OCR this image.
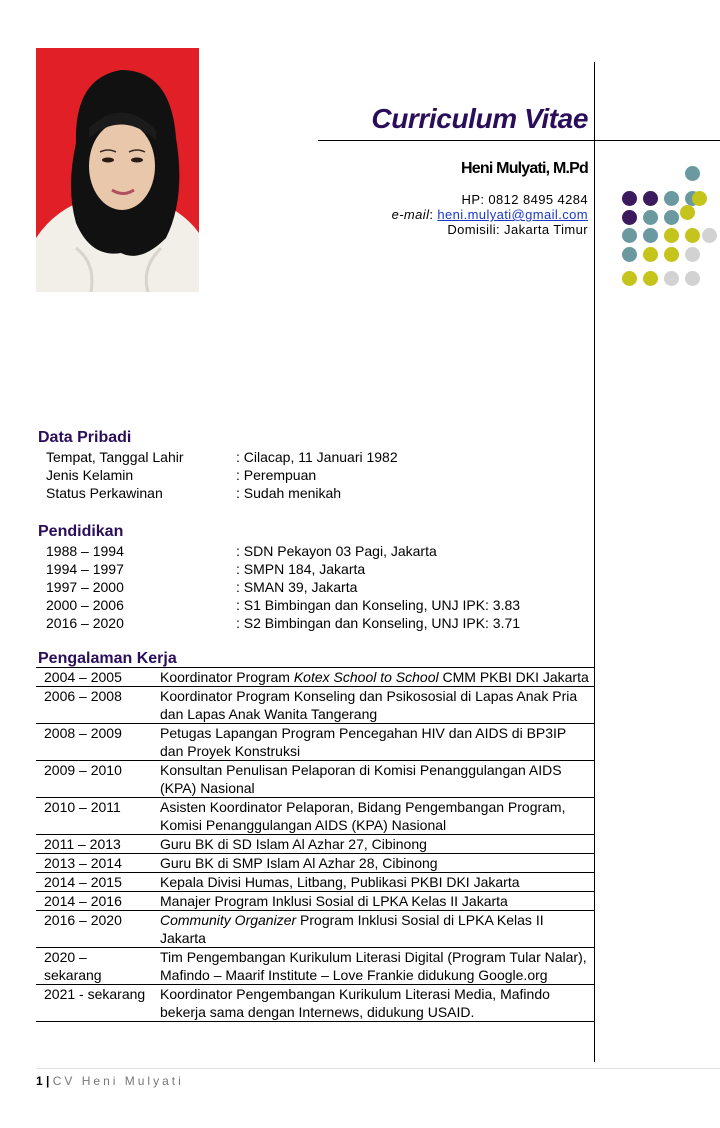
Curriculum Vitae
Heni Mulyati, M.Pd
HP: 0812 8495 4284
e-mail: heni.mulyati@gmail.com
Domisili: Jakarta Timur
Data Pribadi
Tempat, Tanggal Lahir	: Cilacap, 11 Januari 1982
Jenis Kelamin	: Perempuan
Status Perkawinan	: Sudah menikah
Pendidikan
1988 – 1994	: SDN Pekayon 03 Pagi, Jakarta
1994 – 1997	: SMPN 184, Jakarta
1997 – 2000	: SMAN 39, Jakarta
2000 – 2006	: S1 Bimbingan dan Konseling, UNJ IPK: 3.83
2016 – 2020	: S2 Bimbingan dan Konseling, UNJ IPK: 3.71
Pengalaman Kerja
2004 – 2005	Koordinator Program Kotex School to School CMM PKBI DKI Jakarta
2006 – 2008	Koordinator Program Konseling dan Psikososial di Lapas Anak Pria dan Lapas Anak Wanita Tangerang
2008 – 2009	Petugas Lapangan Program Pencegahan HIV dan AIDS di BP3IP dan Proyek Konstruksi
2009 – 2010	Konsultan Penulisan Pelaporan di Komisi Penanggulangan AIDS (KPA) Nasional
2010 – 2011	Asisten Koordinator Pelaporan, Bidang Pengembangan Program, Komisi Penanggulangan AIDS (KPA) Nasional
2011 – 2013	Guru BK di SD Islam Al Azhar 27, Cibinong
2013 – 2014	Guru BK di SMP Islam Al Azhar 28, Cibinong
2014 – 2015	Kepala Divisi Humas, Litbang, Publikasi PKBI DKI Jakarta
2014 – 2016	Manajer Program Inklusi Sosial di LPKA Kelas II Jakarta
2016 – 2020	Community Organizer Program Inklusi Sosial di LPKA Kelas II Jakarta
2020 – sekarang	Tim Pengembangan Kurikulum Literasi Digital (Program Tular Nalar), Mafindo – Maarif Institute – Love Frankie didukung Google.org
2021 - sekarang	Koordinator Pengembangan Kurikulum Literasi Media, Mafindo bekerja sama dengan Internews, didukung USAID.
1 | CV Heni Mulyati
